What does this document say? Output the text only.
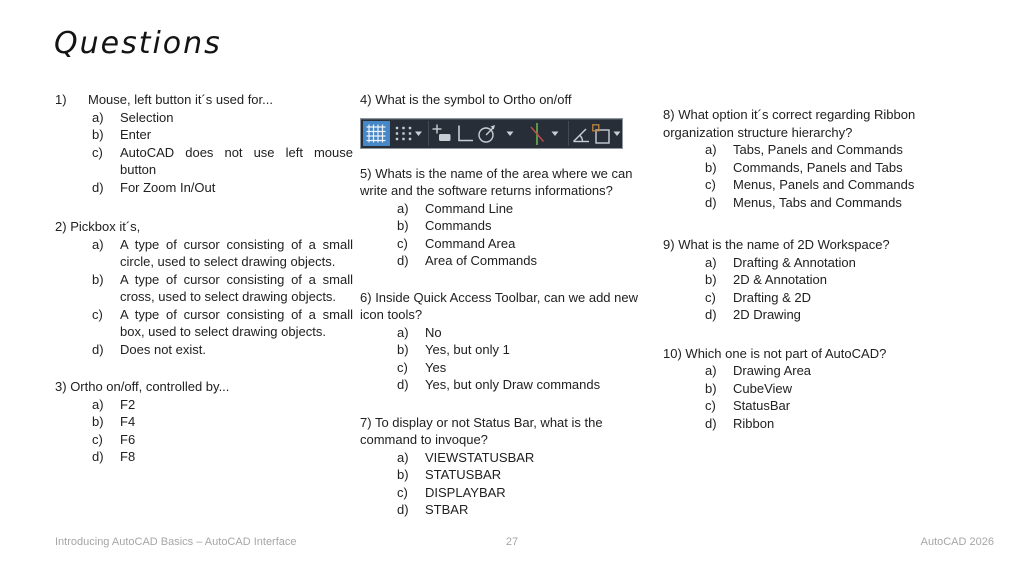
Questions
1)	Mouse, left button it´s used for...
a)	Selection
b)	Enter
c)	AutoCAD does not use left mouse button
d)	For Zoom In/Out
2) Pickbox it´s,
a)	A type of cursor consisting of a small circle, used to select drawing objects.
b)	A type of cursor consisting of a small cross, used to select drawing objects.
c)	A type of cursor consisting of a small box, used to select drawing objects.
d)	Does not exist.
3) Ortho on/off, controlled by...
a)	F2
b)	F4
c)	F6
d)	F8
4) What is the symbol to Ortho on/off
5) Whats is the name of the area where we can write and the software returns informations?
a)	Command Line
b)	Commands
c)	Command Area
d)	Area of Commands
6) Inside Quick Access Toolbar, can we add new icon tools?
a)	No
b)	Yes, but only 1
c)	Yes
d)	Yes, but only Draw commands
7) To display or not Status Bar, what is the command to invoque?
a)	VIEWSTATUSBAR
b)	STATUSBAR
c)	DISPLAYBAR
d)	STBAR
8) What option it´s correct regarding Ribbon organization structure hierarchy?
a)	Tabs, Panels and Commands
b)	Commands, Panels and Tabs
c)	Menus, Panels and Commands
d)	Menus, Tabs and Commands
9) What is the name of 2D Workspace?
a)	Drafting & Annotation
b)	2D & Annotation
c)	Drafting & 2D
d)	2D Drawing
10) Which one is not part of AutoCAD?
a)	Drawing Area
b)	CubeView
c)	StatusBar
d)	Ribbon
27
Introducing AutoCAD Basics – AutoCAD Interface	AutoCAD 2026
